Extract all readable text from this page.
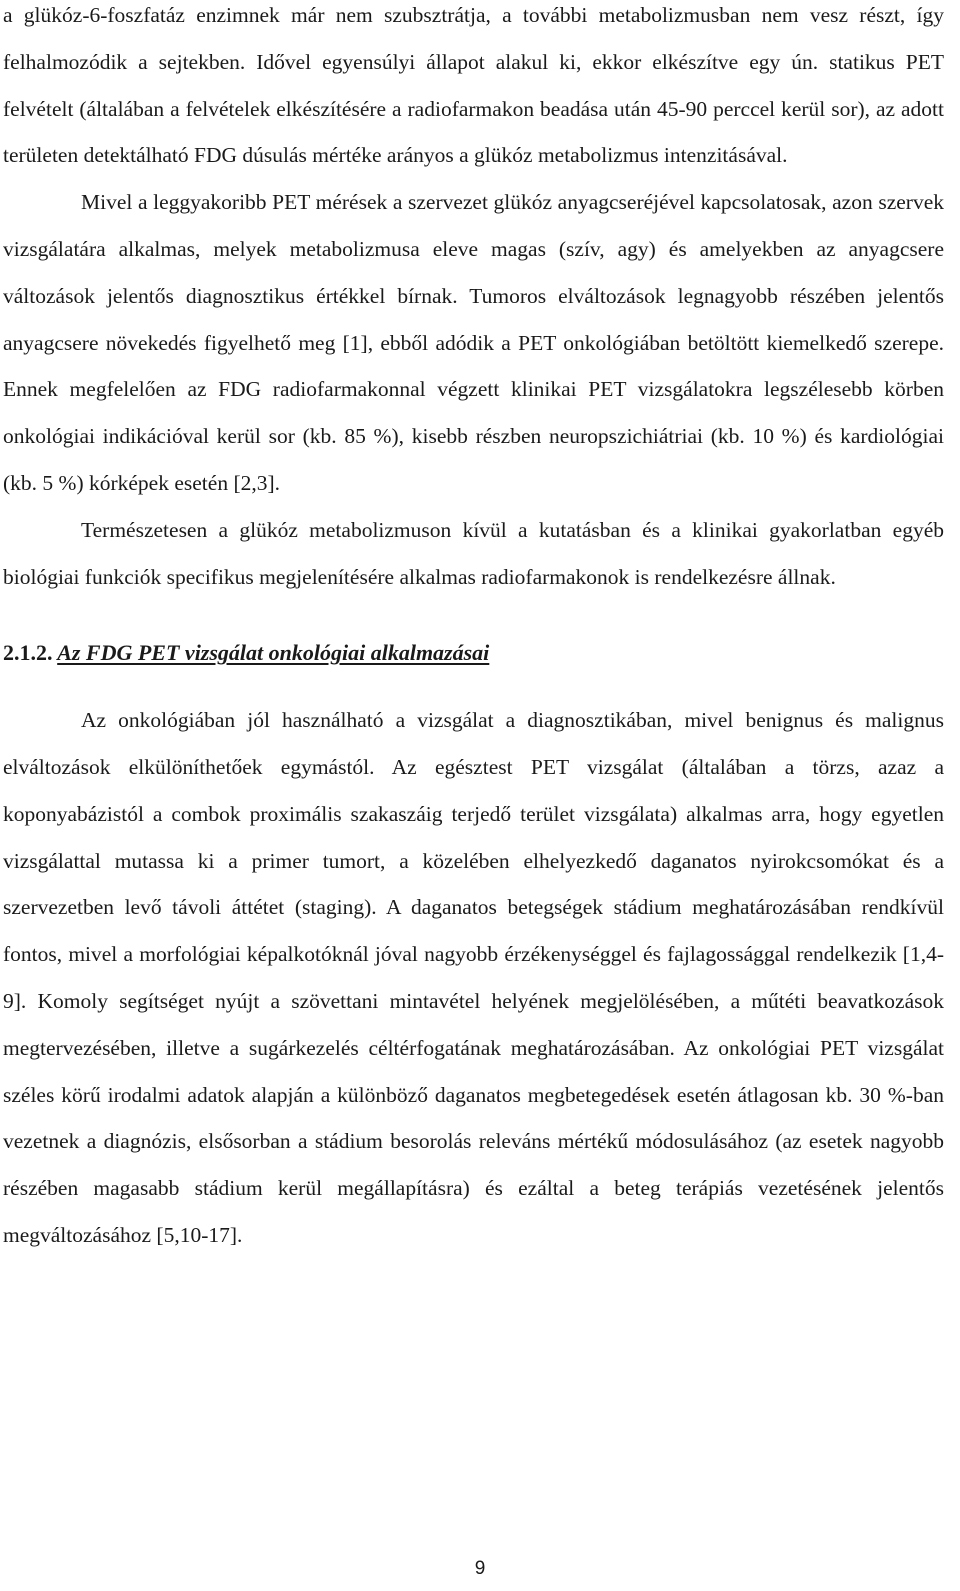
a glükóz-6-foszfatáz enzimnek már nem szubsztrátja, a további metabolizmusban nem vesz részt, így felhalmozódik a sejtekben. Idővel egyensúlyi állapot alakul ki, ekkor elkészítve egy ún. statikus PET felvételt (általában a felvételek elkészítésére a radiofarmakon beadása után 45-90 perccel kerül sor), az adott területen detektálható FDG dúsulás mértéke arányos a glükóz metabolizmus intenzitásával.

Mivel a leggyakoribb PET mérések a szervezet glükóz anyagcseréjével kapcsolatosak, azon szervek vizsgálatára alkalmas, melyek metabolizmusa eleve magas (szív, agy) és amelyekben az anyagcsere változások jelentős diagnosztikus értékkel bírnak. Tumoros elváltozások legnagyobb részében jelentős anyagcsere növekedés figyelhető meg [1], ebből adódik a PET onkológiában betöltött kiemelkedő szerepe. Ennek megfelelően az FDG radiofarmakonnal végzett klinikai PET vizsgálatokra legszélesebb körben onkológiai indikációval kerül sor (kb. 85 %), kisebb részben neuropszichiátriai (kb. 10 %) és kardiológiai (kb. 5 %) kórképek esetén [2,3].

Természetesen a glükóz metabolizmuson kívül a kutatásban és a klinikai gyakorlatban egyéb biológiai funkciók specifikus megjelenítésére alkalmas radiofarmakonok is rendelkezésre állnak.

2.1.2. Az FDG PET vizsgálat onkológiai alkalmazásai

Az onkológiában jól használható a vizsgálat a diagnosztikában, mivel benignus és malignus elváltozások elkülöníthetőek egymástól. Az egésztest PET vizsgálat (általában a törzs, azaz a koponyabázistól a combok proximális szakaszáig terjedő terület vizsgálata) alkalmas arra, hogy egyetlen vizsgálattal mutassa ki a primer tumort, a közelében elhelyezkedő daganatos nyirokcsomókat és a szervezetben levő távoli áttétet (staging). A daganatos betegségek stádium meghatározásában rendkívül fontos, mivel a morfológiai képalkotóknál jóval nagyobb érzékenységgel és fajlagossággal rendelkezik [1,4-9]. Komoly segítséget nyújt a szövettani mintavétel helyének megjelölésében, a műtéti beavatkozások megtervezésében, illetve a sugárkezelés céltérfogatának meghatározásában. Az onkológiai PET vizsgálat széles körű irodalmi adatok alapján a különböző daganatos megbetegedések esetén átlagosan kb. 30 %-ban vezetnek a diagnózis, elsősorban a stádium besorolás releváns mértékű módosulásához (az esetek nagyobb részében magasabb stádium kerül megállapításra) és ezáltal a beteg terápiás vezetésének jelentős megváltozásához [5,10-17].

9
